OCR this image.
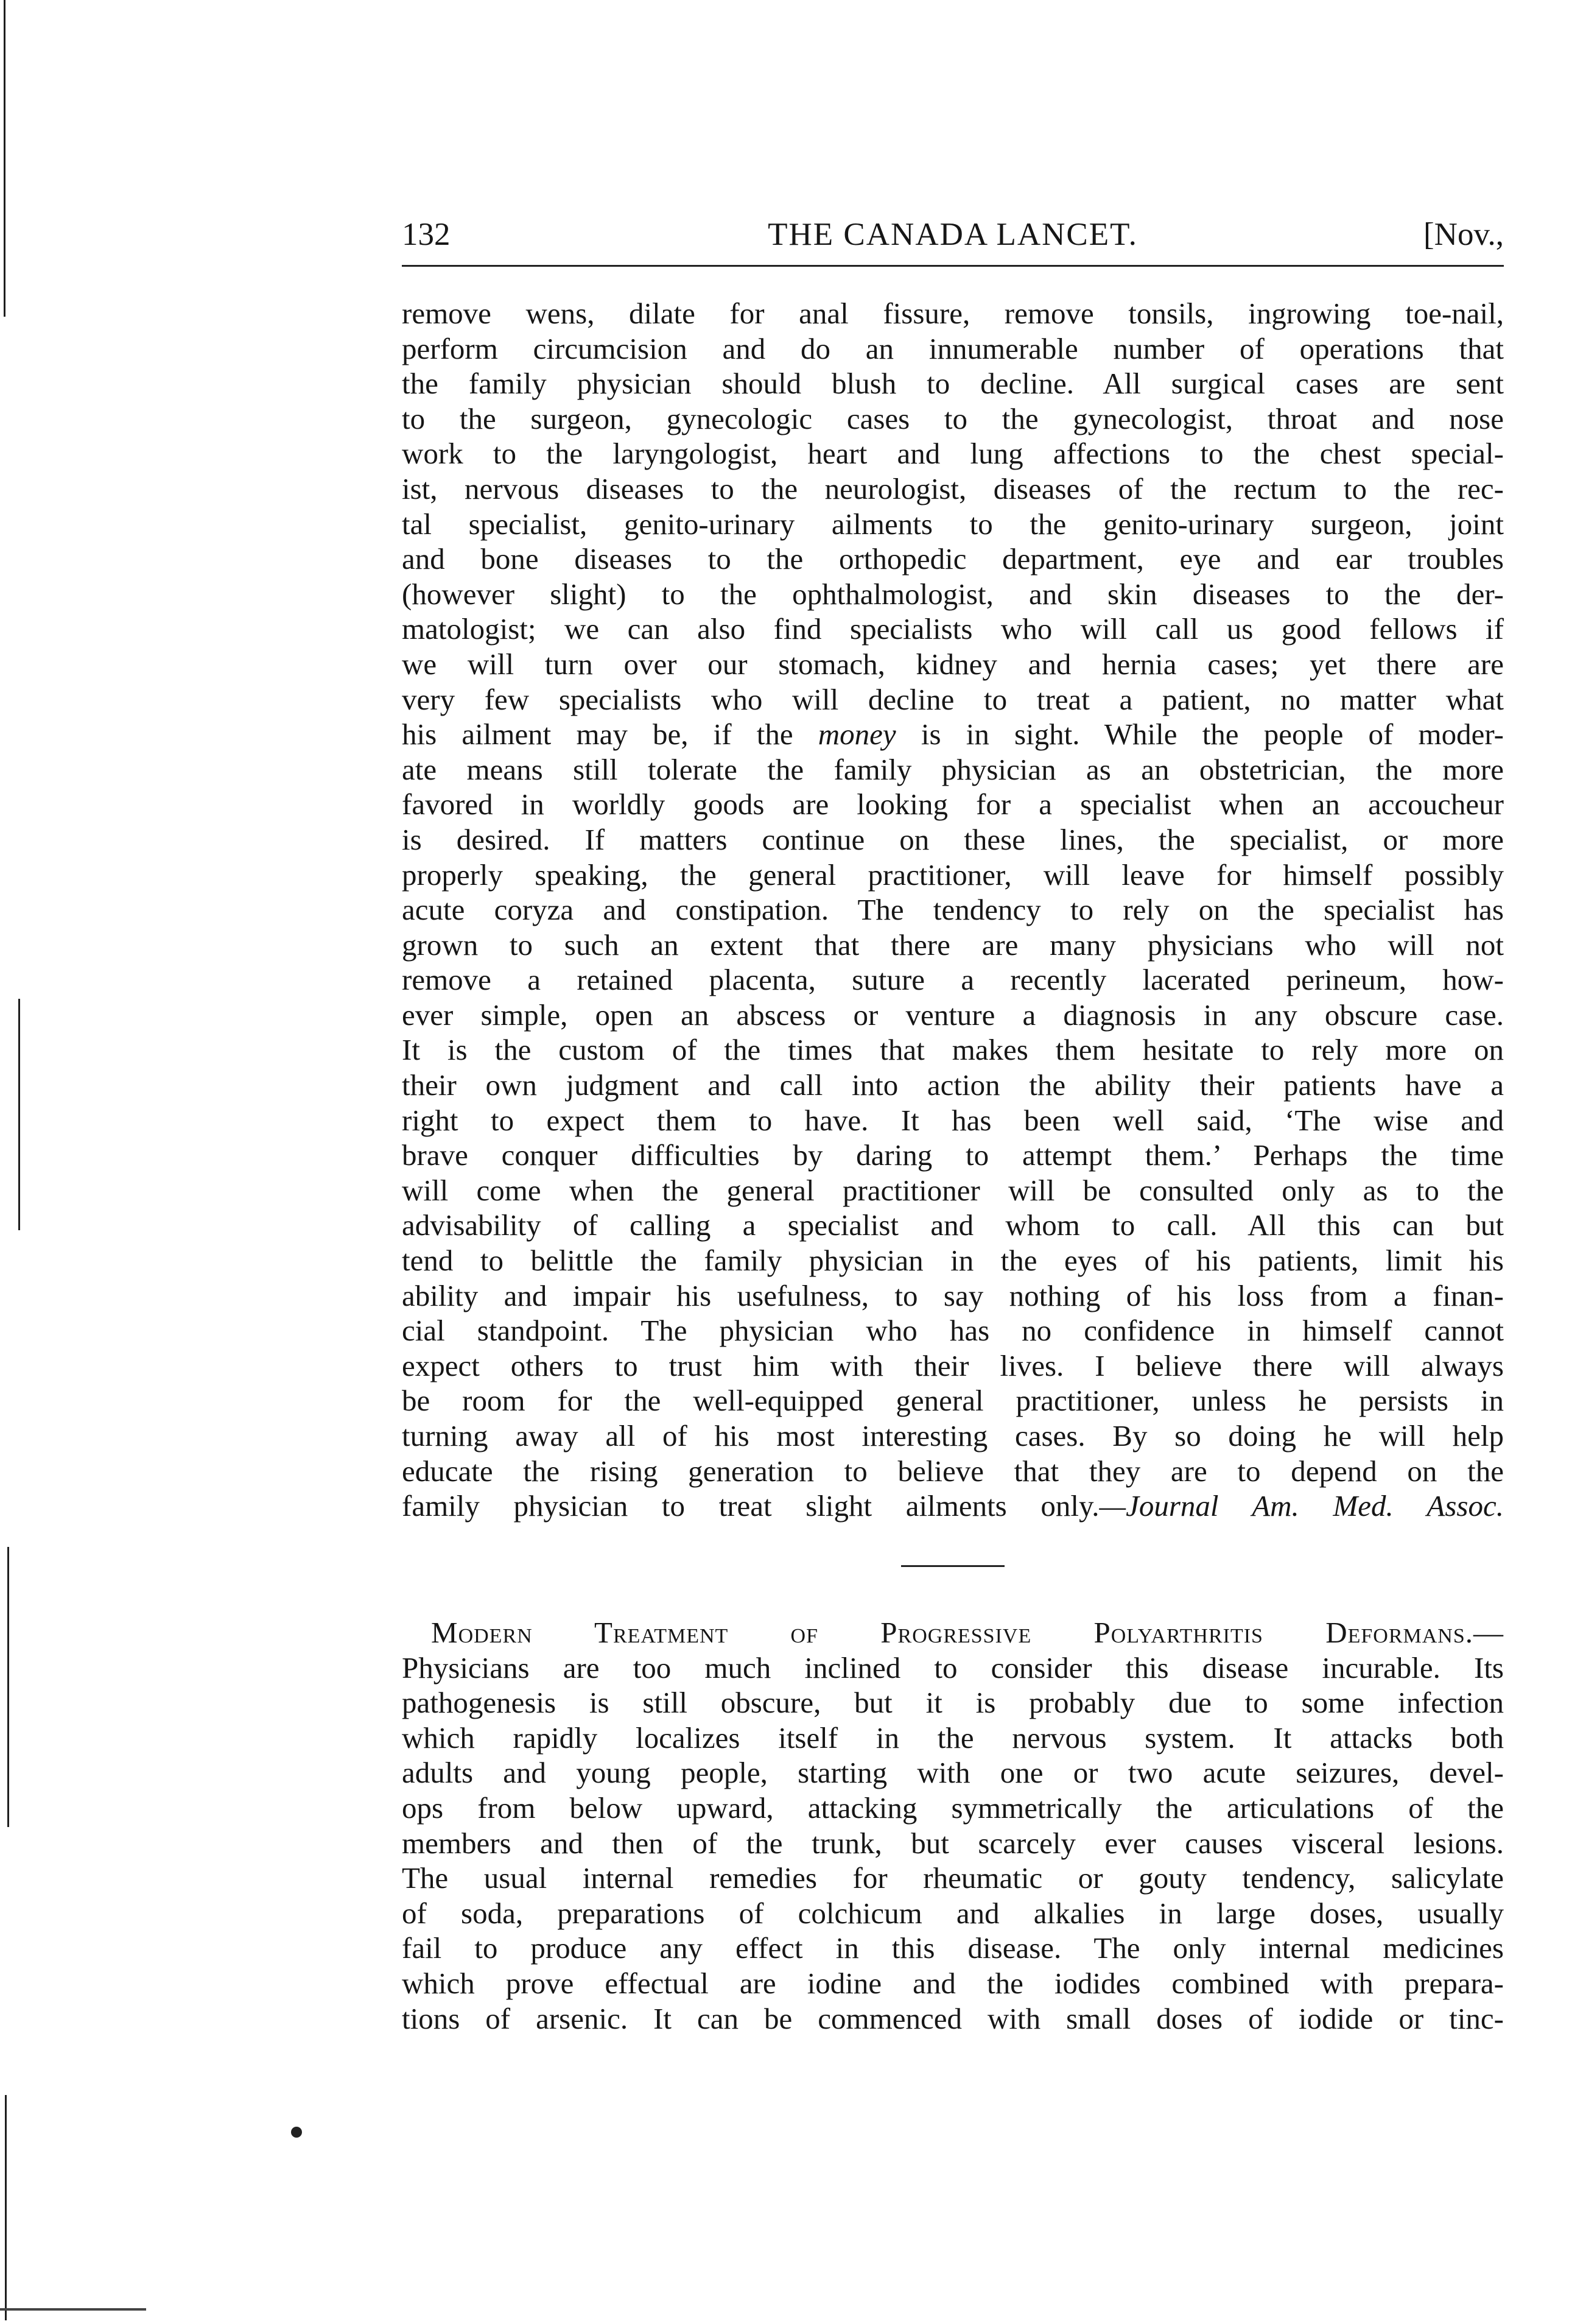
132	THE CANADA LANCET.	[Nov.,
remove wens, dilate for anal fissure, remove tonsils, ingrowing toe-nail,
perform circumcision and do an innumerable number of operations that
the family physician should blush to decline. All surgical cases are sent
to the surgeon, gynecologic cases to the gynecologist, throat and nose
work to the laryngologist, heart and lung affections to the chest special-
ist, nervous diseases to the neurologist, diseases of the rectum to the rec-
tal specialist, genito-urinary ailments to the genito-urinary surgeon, joint
and bone diseases to the orthopedic department, eye and ear troubles
(however slight) to the ophthalmologist, and skin diseases to the der-
matologist; we can also find specialists who will call us good fellows if
we will turn over our stomach, kidney and hernia cases; yet there are
very few specialists who will decline to treat a patient, no matter what
his ailment may be, if the money is in sight. While the people of moder-
ate means still tolerate the family physician as an obstetrician, the more
favored in worldly goods are looking for a specialist when an accoucheur
is desired. If matters continue on these lines, the specialist, or more
properly speaking, the general practitioner, will leave for himself possibly
acute coryza and constipation. The tendency to rely on the specialist has
grown to such an extent that there are many physicians who will not
remove a retained placenta, suture a recently lacerated perineum, how-
ever simple, open an abscess or venture a diagnosis in any obscure case.
It is the custom of the times that makes them hesitate to rely more on
their own judgment and call into action the ability their patients have a
right to expect them to have. It has been well said, ‘The wise and
brave conquer difficulties by daring to attempt them.’ Perhaps the time
will come when the general practitioner will be consulted only as to the
advisability of calling a specialist and whom to call. All this can but
tend to belittle the family physician in the eyes of his patients, limit his
ability and impair his usefulness, to say nothing of his loss from a finan-
cial standpoint. The physician who has no confidence in himself cannot
expect others to trust him with their lives. I believe there will always
be room for the well-equipped general practitioner, unless he persists in
turning away all of his most interesting cases. By so doing he will help
educate the rising generation to believe that they are to depend on the
family physician to treat slight ailments only.—Journal Am. Med. Assoc.
Modern Treatment of Progressive Polyarthritis Deformans.—
Physicians are too much inclined to consider this disease incurable. Its
pathogenesis is still obscure, but it is probably due to some infection
which rapidly localizes itself in the nervous system. It attacks both
adults and young people, starting with one or two acute seizures, devel-
ops from below upward, attacking symmetrically the articulations of the
members and then of the trunk, but scarcely ever causes visceral lesions.
The usual internal remedies for rheumatic or gouty tendency, salicylate
of soda, preparations of colchicum and alkalies in large doses, usually
fail to produce any effect in this disease. The only internal medicines
which prove effectual are iodine and the iodides combined with prepara-
tions of arsenic. It can be commenced with small doses of iodide or tinc-
